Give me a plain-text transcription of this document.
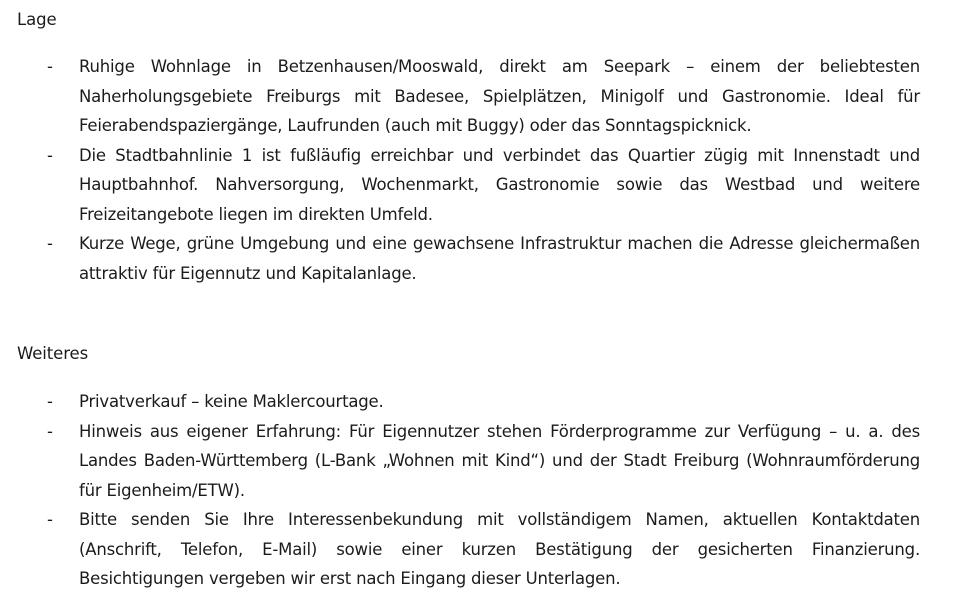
Lage
- Ruhige Wohnlage in Betzenhausen/Mooswald, direkt am Seepark – einem der beliebtesten Naherholungsgebiete Freiburgs mit Badesee, Spielplätzen, Minigolf und Gastronomie. Ideal für Feierabendspaziergänge, Laufrunden (auch mit Buggy) oder das Sonntagspicknick.
- Die Stadtbahnlinie 1 ist fußläufig erreichbar und verbindet das Quartier zügig mit Innenstadt und Hauptbahnhof. Nahversorgung, Wochenmarkt, Gastronomie sowie das Westbad und weitere Freizeitangebote liegen im direkten Umfeld.
- Kurze Wege, grüne Umgebung und eine gewachsene Infrastruktur machen die Adresse gleichermaßen attraktiv für Eigennutz und Kapitalanlage.
Weiteres
- Privatverkauf – keine Maklercourtage.
- Hinweis aus eigener Erfahrung: Für Eigennutzer stehen Förderprogramme zur Verfügung – u. a. des Landes Baden-Württemberg (L-Bank „Wohnen mit Kind“) und der Stadt Freiburg (Wohnraumförderung für Eigenheim/ETW).
- Bitte senden Sie Ihre Interessenbekundung mit vollständigem Namen, aktuellen Kontaktdaten (Anschrift, Telefon, E-Mail) sowie einer kurzen Bestätigung der gesicherten Finanzierung. Besichtigungen vergeben wir erst nach Eingang dieser Unterlagen.
